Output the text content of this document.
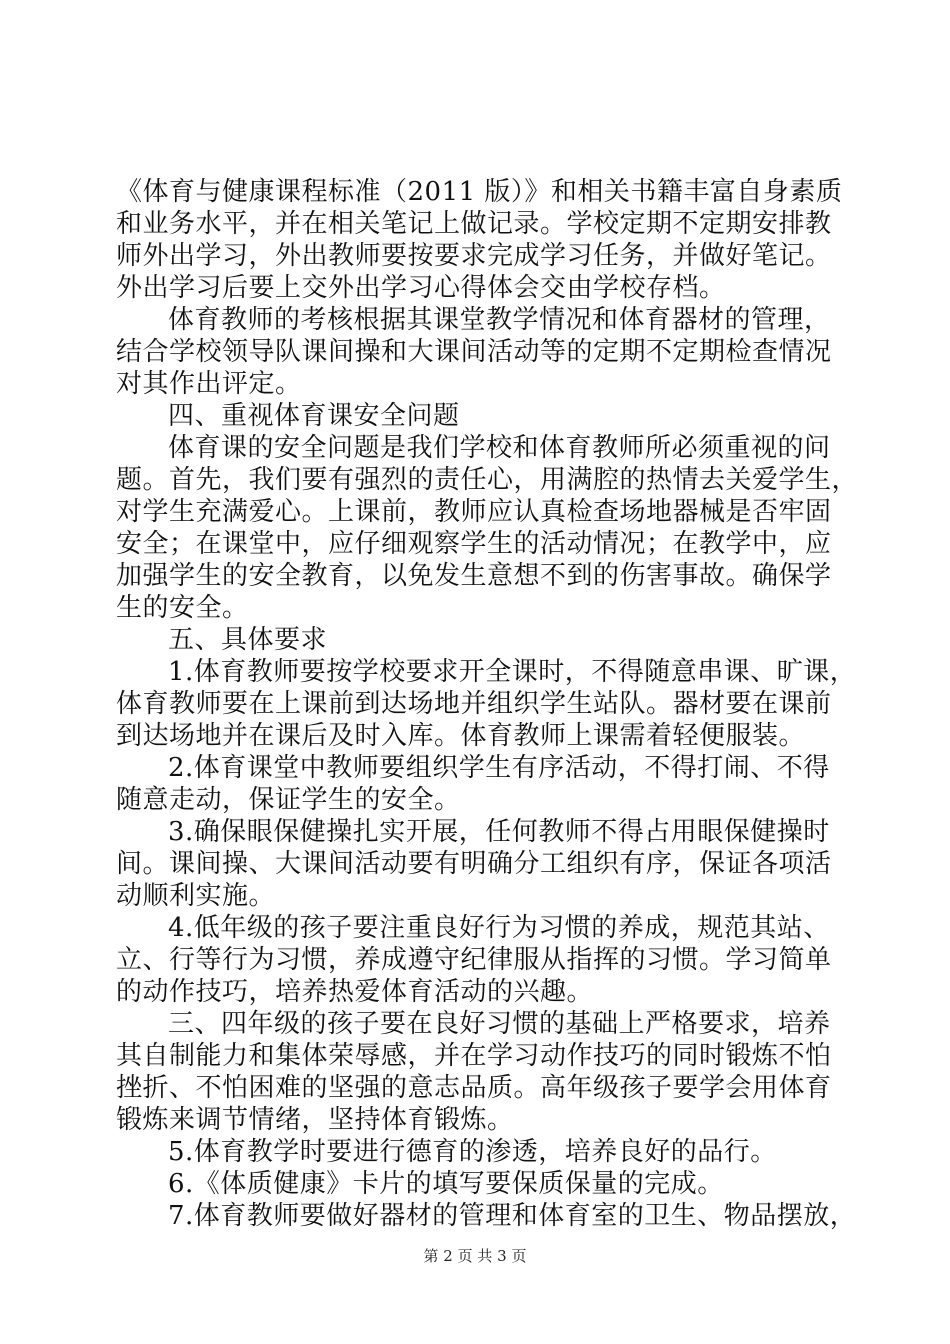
《体育与健康课程标准（2011 版）》和相关书籍丰富自身素质
和业务水平，并在相关笔记上做记录。学校定期不定期安排教
师外出学习，外出教师要按要求完成学习任务，并做好笔记。
外出学习后要上交外出学习心得体会交由学校存档。
体育教师的考核根据其课堂教学情况和体育器材的管理，
结合学校领导队课间操和大课间活动等的定期不定期检查情况
对其作出评定。
四、重视体育课安全问题
体育课的安全问题是我们学校和体育教师所必须重视的问
题。首先，我们要有强烈的责任心，用满腔的热情去关爱学生，
对学生充满爱心。上课前，教师应认真检查场地器械是否牢固
安全；在课堂中，应仔细观察学生的活动情况；在教学中，应
加强学生的安全教育，以免发生意想不到的伤害事故。确保学
生的安全。
五、具体要求
1.体育教师要按学校要求开全课时，不得随意串课、旷课，
体育教师要在上课前到达场地并组织学生站队。器材要在课前
到达场地并在课后及时入库。体育教师上课需着轻便服装。
2.体育课堂中教师要组织学生有序活动，不得打闹、不得
随意走动，保证学生的安全。
3.确保眼保健操扎实开展，任何教师不得占用眼保健操时
间。课间操、大课间活动要有明确分工组织有序，保证各项活
动顺利实施。
4.低年级的孩子要注重良好行为习惯的养成，规范其站、
立、行等行为习惯，养成遵守纪律服从指挥的习惯。学习简单
的动作技巧，培养热爱体育活动的兴趣。
三、四年级的孩子要在良好习惯的基础上严格要求，培养
其自制能力和集体荣辱感，并在学习动作技巧的同时锻炼不怕
挫折、不怕困难的坚强的意志品质。高年级孩子要学会用体育
锻炼来调节情绪，坚持体育锻炼。
5.体育教学时要进行德育的渗透，培养良好的品行。
6.《体质健康》卡片的填写要保质保量的完成。
7.体育教师要做好器材的管理和体育室的卫生、物品摆放，
第 2 页 共 3 页
